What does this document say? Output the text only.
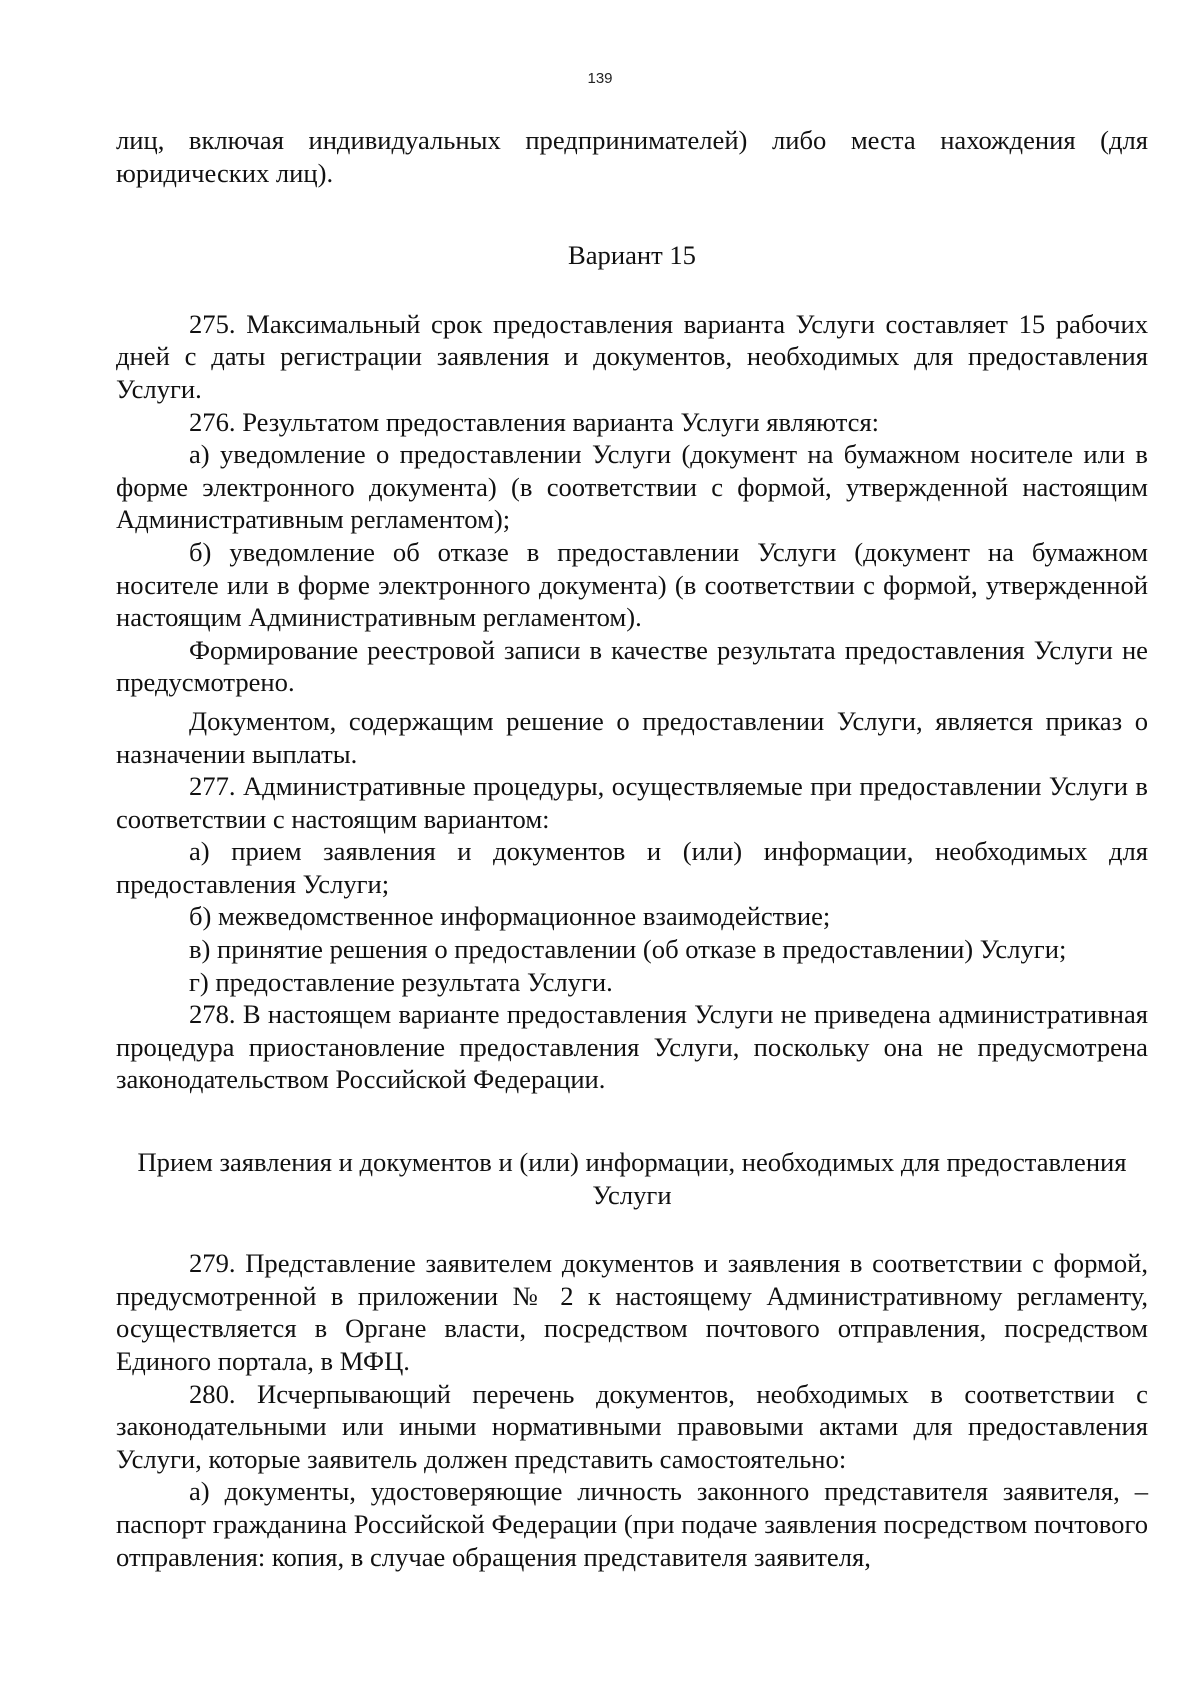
139

лиц, включая индивидуальных предпринимателей) либо места нахождения (для юридических лиц).

Вариант 15

275. Максимальный срок предоставления варианта Услуги составляет 15 рабочих дней с даты регистрации заявления и документов, необходимых для предоставления Услуги.

276. Результатом предоставления варианта Услуги являются:

а) уведомление о предоставлении Услуги (документ на бумажном носителе или в форме электронного документа) (в соответствии с формой, утвержденной настоящим Административным регламентом);

б) уведомление об отказе в предоставлении Услуги (документ на бумажном носителе или в форме электронного документа) (в соответствии с формой, утвержденной настоящим Административным регламентом).

Формирование реестровой записи в качестве результата предоставления Услуги не предусмотрено.

Документом, содержащим решение о предоставлении Услуги, является приказ о назначении выплаты.

277. Административные процедуры, осуществляемые при предоставлении Услуги в соответствии с настоящим вариантом:

а) прием заявления и документов и (или) информации, необходимых для предоставления Услуги;

б) межведомственное информационное взаимодействие;

в) принятие решения о предоставлении (об отказе в предоставлении) Услуги;

г) предоставление результата Услуги.

278. В настоящем варианте предоставления Услуги не приведена административная процедура приостановление предоставления Услуги, поскольку она не предусмотрена законодательством Российской Федерации.

Прием заявления и документов и (или) информации, необходимых для предоставления Услуги

279. Представление заявителем документов и заявления в соответствии с формой, предусмотренной в приложении № 2 к настоящему Административному регламенту, осуществляется в Органе власти, посредством почтового отправления, посредством Единого портала, в МФЦ.

280. Исчерпывающий перечень документов, необходимых в соответствии с законодательными или иными нормативными правовыми актами для предоставления Услуги, которые заявитель должен представить самостоятельно:

а) документы, удостоверяющие личность законного представителя заявителя, – паспорт гражданина Российской Федерации (при подаче заявления посредством почтового отправления: копия, в случае обращения представителя заявителя,
